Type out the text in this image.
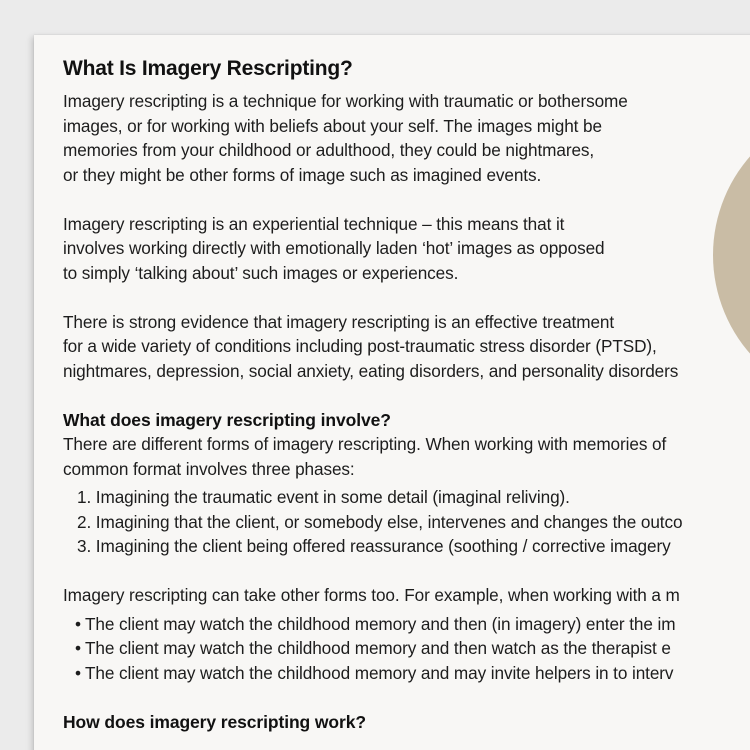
What Is Imagery Rescripting?
Imagery rescripting is a technique for working with traumatic or bothersome
images, or for working with beliefs about your self. The images might be
memories from your childhood or adulthood, they could be nightmares,
or they might be other forms of image such as imagined events.
Imagery rescripting is an experiential technique – this means that it
involves working directly with emotionally laden ‘hot’ images as opposed
to simply ‘talking about’ such images or experiences.
There is strong evidence that imagery rescripting is an effective treatment
for a wide variety of conditions including post-traumatic stress disorder (PTSD),
nightmares, depression, social anxiety, eating disorders, and personality disorders
What does imagery rescripting involve?
There are different forms of imagery rescripting. When working with memories of
common format involves three phases:
1. Imagining the traumatic event in some detail (imaginal reliving).
2. Imagining that the client, or somebody else, intervenes and changes the outco
3. Imagining the client being offered reassurance (soothing / corrective imagery
Imagery rescripting can take other forms too. For example, when working with a m
• The client may watch the childhood memory and then (in imagery) enter the im
• The client may watch the childhood memory and then watch as the therapist e
• The client may watch the childhood memory and may invite helpers in to interv
How does imagery rescripting work?
